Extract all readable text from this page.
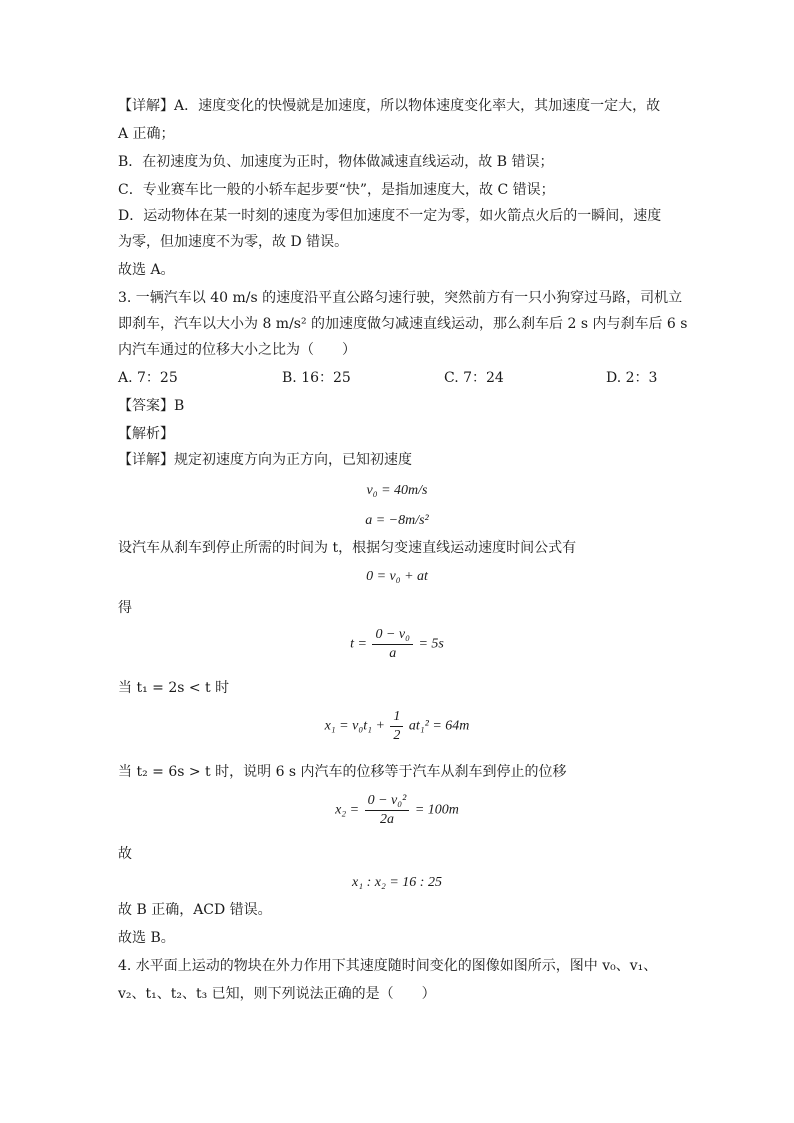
【详解】A．速度变化的快慢就是加速度，所以物体速度变化率大，其加速度一定大，故
A 正确；
B．在初速度为负、加速度为正时，物体做减速直线运动，故 B 错误；
C．专业赛车比一般的小轿车起步要“快”，是指加速度大，故 C 错误；
D．运动物体在某一时刻的速度为零但加速度不一定为零，如火箭点火后的一瞬间，速度
为零，但加速度不为零，故 D 错误。
故选 A。
3. 一辆汽车以 40 m/s 的速度沿平直公路匀速行驶，突然前方有一只小狗穿过马路，司机立
即刹车，汽车以大小为 8 m/s² 的加速度做匀减速直线运动，那么刹车后 2 s 内与刹车后 6 s
内汽车通过的位移大小之比为（　　）
A. 7：25	B. 16：25	C. 7：24	D. 2：3
【答案】B
【解析】
【详解】规定初速度方向为正方向，已知初速度
v₀ = 40m/s
a = −8m/s²
设汽车从刹车到停止所需的时间为 t，根据匀变速直线运动速度时间公式有
0 = v₀ + at
得
$t = \frac{\text{0 − v₀}}{a} = 5s$
当 t₁ = 2s < t 时
$x_1 = v_0t_1 + \frac{1}{2} at_1^2 = 64m$
当 t₂ = 6s > t 时，说明 6 s 内汽车的位移等于汽车从刹车到停止的位移
$x_2 = \frac{\text{0 − v₀²}}{2a} = 100m$
故
x₁ : x₂ = 16 : 25
故 B 正确，ACD 错误。
故选 B。
4. 水平面上运动的物块在外力作用下其速度随时间变化的图像如图所示，图中 v₀、v₁、
v₂、t₁、t₂、t₃ 已知，则下列说法正确的是（　　）
